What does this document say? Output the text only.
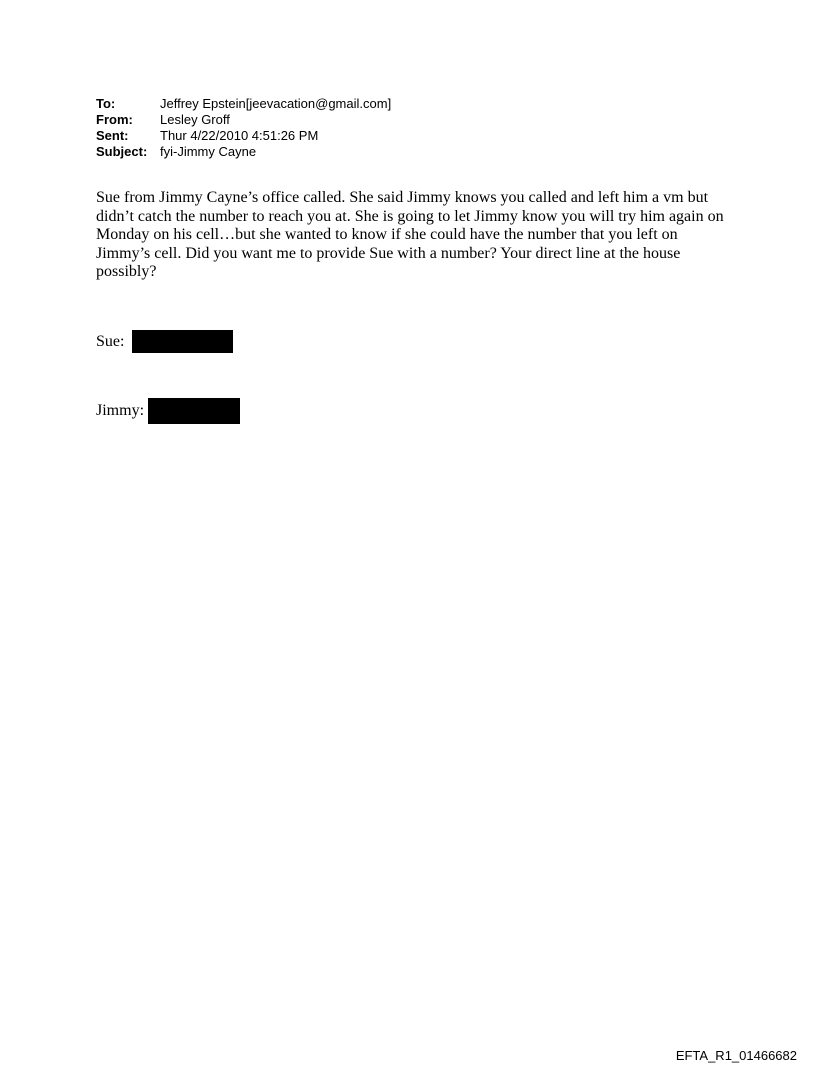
To:	Jeffrey Epstein[jeevacation@gmail.com]
From:	Lesley Groff
Sent:	Thur 4/22/2010 4:51:26 PM
Subject: fyi-Jimmy Cayne

Sue from Jimmy Cayne’s office called. She said Jimmy knows you called and left him a vm but didn’t catch the number to reach you at. She is going to let Jimmy know you will try him again on Monday on his cell…but she wanted to know if she could have the number that you left on Jimmy’s cell. Did you want me to provide Sue with a number? Your direct line at the house possibly?

Sue:
Jimmy:
EFTA_R1_01466682
